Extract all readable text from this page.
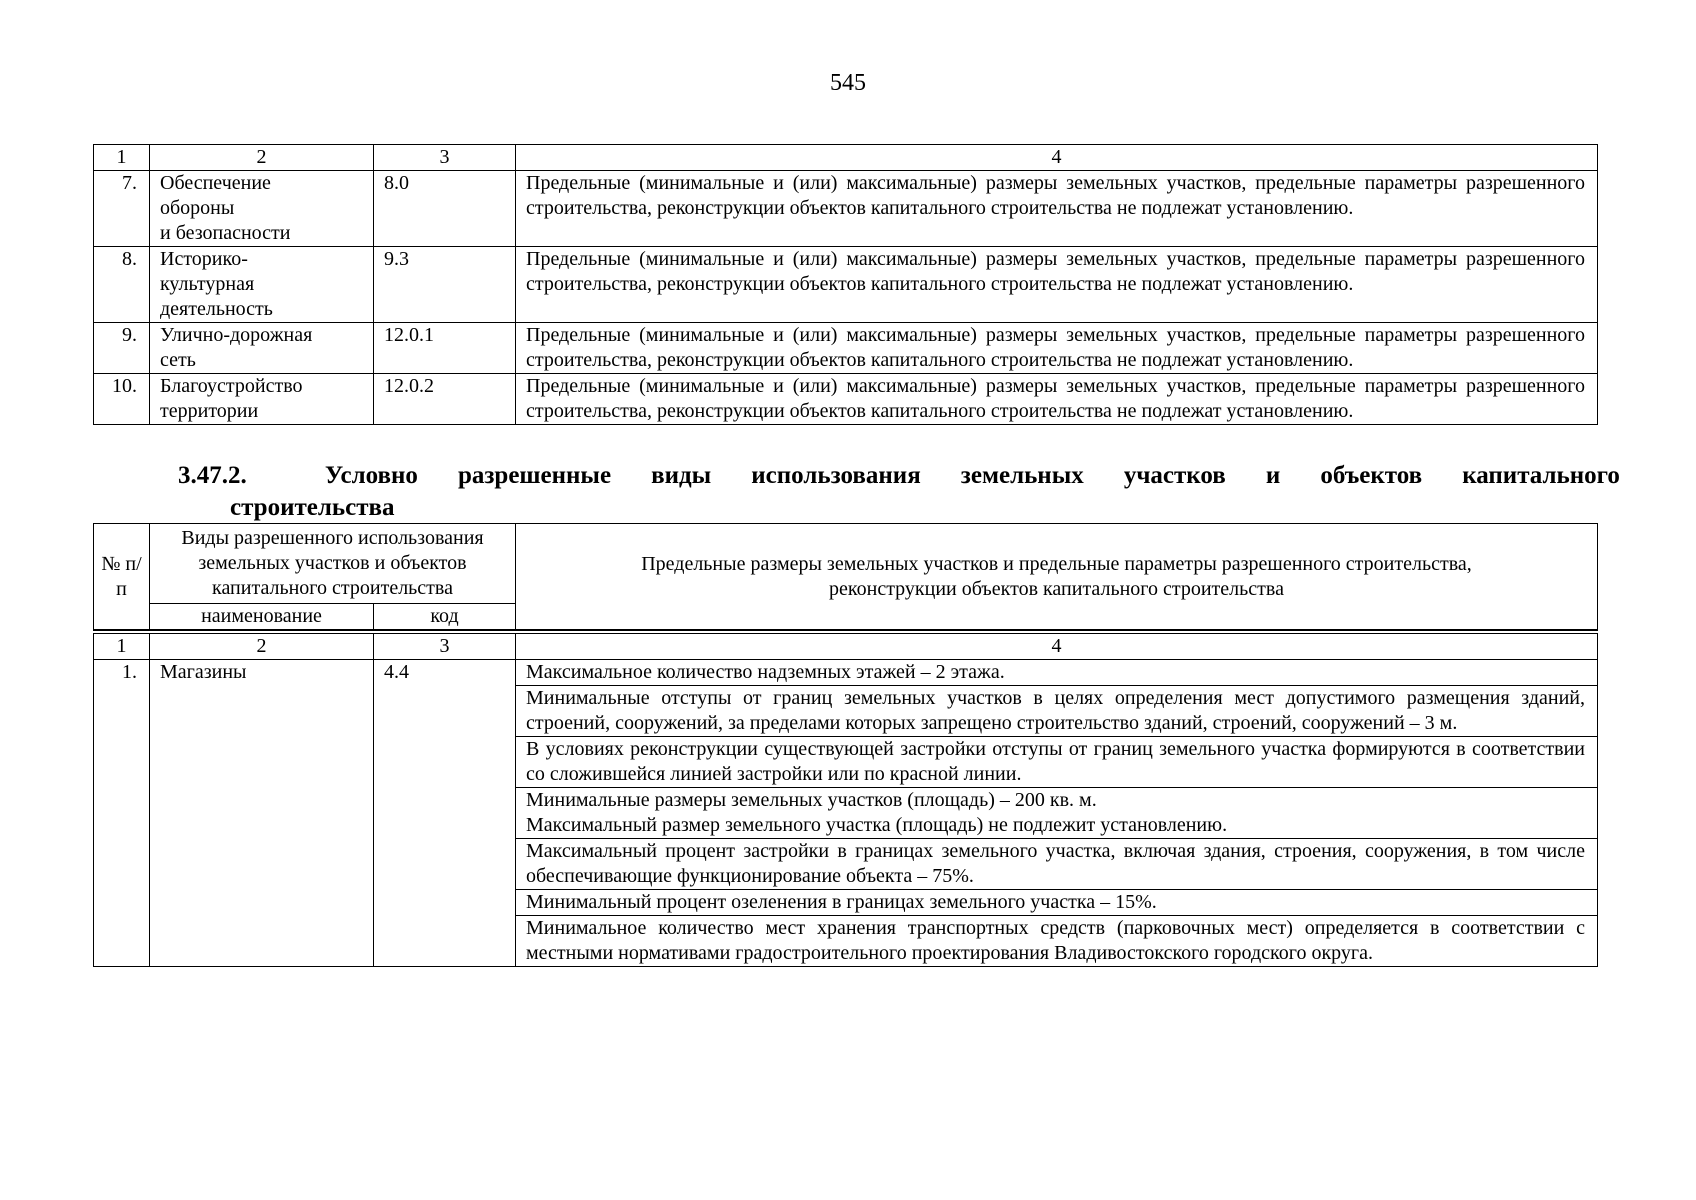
545
1	2	3	4
7.	Обеспечение
обороны
и безопасности	8.0	Предельные (минимальные и (или) максимальные) размеры земельных участков, предельные параметры разрешенного строительства, реконструкции объектов капитального строительства не подлежат установлению.
8.	Историко-
культурная
деятельность	9.3	Предельные (минимальные и (или) максимальные) размеры земельных участков, предельные параметры разрешенного строительства, реконструкции объектов капитального строительства не подлежат установлению.
9.	Улично-дорожная
сеть	12.0.1	Предельные (минимальные и (или) максимальные) размеры земельных участков, предельные параметры разрешенного строительства, реконструкции объектов капитального строительства не подлежат установлению.
10.	Благоустройство
территории	12.0.2	Предельные (минимальные и (или) максимальные) размеры земельных участков, предельные параметры разрешенного строительства, реконструкции объектов капитального строительства не подлежат установлению.
3.47.2.	Условно разрешенные виды использования земельных участков и объектов капитального
строительства
№ п/п	Виды разрешенного использования земельных участков и объектов капитального строительства		Предельные размеры земельных участков и предельные параметры разрешенного строительства, реконструкции объектов капитального строительства
	наименование	код	

1	2	3	4
1.	Магазины	4.4	Максимальное количество надземных этажей – 2 этажа.
			Минимальные отступы от границ земельных участков в целях определения мест допустимого размещения зданий, строений, сооружений, за пределами которых запрещено строительство зданий, строений, сооружений – 3 м.
			В условиях реконструкции существующей застройки отступы от границ земельного участка формируются в соответствии со сложившейся линией застройки или по красной линии.

			Минимальные размеры земельных участков (площадь) – 200 кв. м.
Максимальный размер земельного участка (площадь) не подлежит установлению.

			Максимальный процент застройки в границах земельного участка, включая здания, строения, сооружения, в том числе обеспечивающие функционирование объекта – 75%.
			Минимальный процент озеленения в границах земельного участка – 15%.
			Минимальное количество мест хранения транспортных средств (парковочных мест) определяется в соответствии с местными нормативами градостроительного проектирования Владивостокского городского округа.
